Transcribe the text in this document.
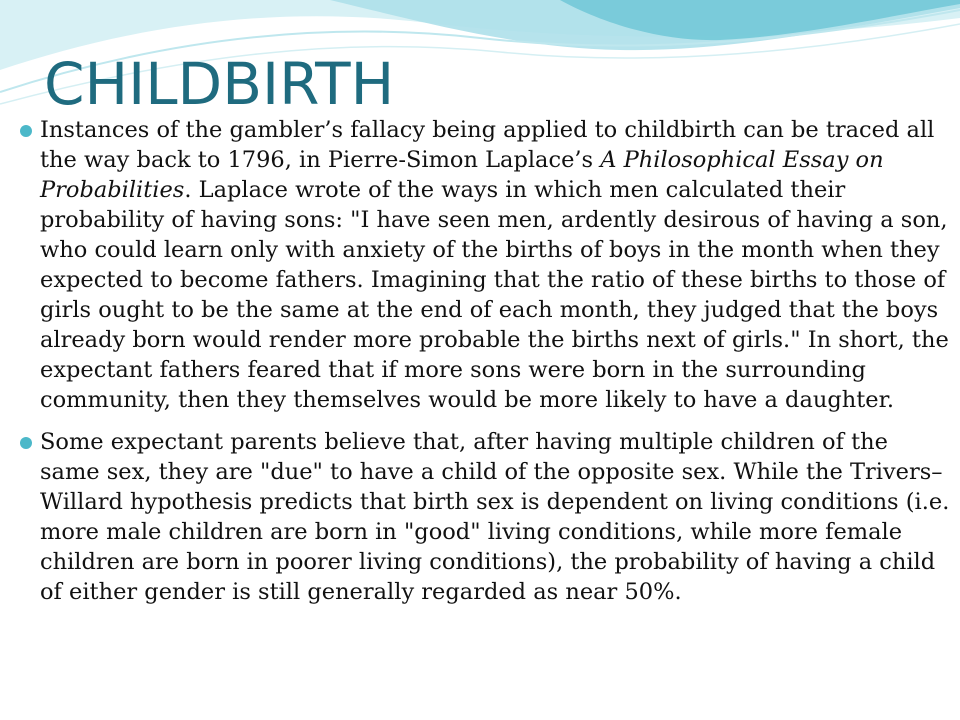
CHILDBIRTH
Instances of the gambler’s fallacy being applied to childbirth can be traced all the way back to 1796, in Pierre-Simon Laplace’s A Philosophical Essay on Probabilities. Laplace wrote of the ways in which men calculated their probability of having sons: "I have seen men, ardently desirous of having a son, who could learn only with anxiety of the births of boys in the month when they expected to become fathers. Imagining that the ratio of these births to those of girls ought to be the same at the end of each month, they judged that the boys already born would render more probable the births next of girls." In short, the expectant fathers feared that if more sons were born in the surrounding community, then they themselves would be more likely to have a daughter.
Some expectant parents believe that, after having multiple children of the same sex, they are "due" to have a child of the opposite sex. While the Trivers–Willard hypothesis predicts that birth sex is dependent on living conditions (i.e. more male children are born in "good" living conditions, while more female children are born in poorer living conditions), the probability of having a child of either gender is still generally regarded as near 50%.
